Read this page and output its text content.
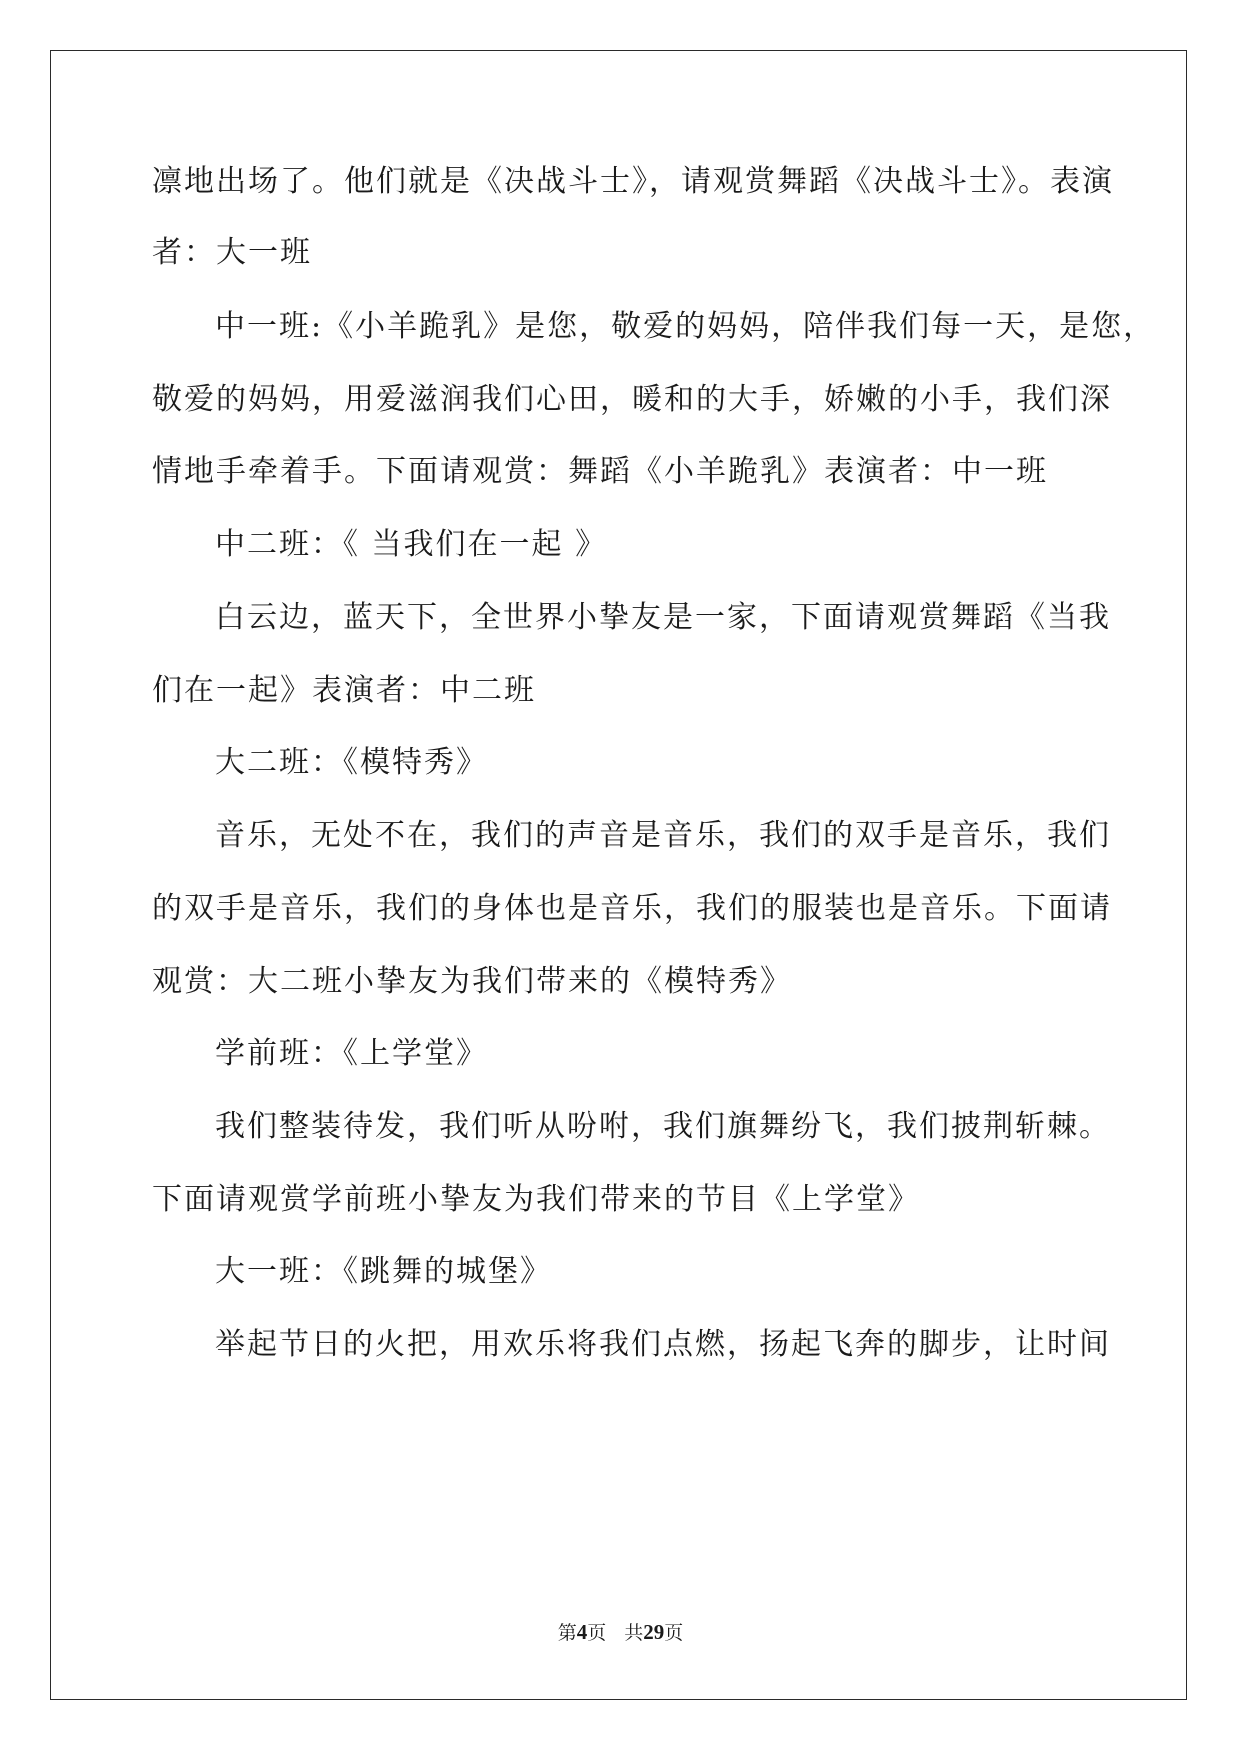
凛地出场了。他们就是《决战斗士》，请观赏舞蹈《决战斗士》。表演
者：大一班
中一班:《小羊跪乳》是您，敬爱的妈妈，陪伴我们每一天，是您，
敬爱的妈妈，用爱滋润我们心田，暖和的大手，娇嫩的小手，我们深
情地手牵着手。下面请观赏：舞蹈《小羊跪乳》表演者：中一班
中二班：《 当我们在一起 》
白云边，蓝天下，全世界小挚友是一家，下面请观赏舞蹈《当我
们在一起》表演者：中二班
大二班：《模特秀》
音乐，无处不在，我们的声音是音乐，我们的双手是音乐，我们
的双手是音乐，我们的身体也是音乐，我们的服装也是音乐。下面请
观赏：大二班小挚友为我们带来的《模特秀》
学前班：《上学堂》
我们整装待发，我们听从吩咐，我们旗舞纷飞，我们披荆斩棘。
下面请观赏学前班小挚友为我们带来的节目《上学堂》
大一班：《跳舞的城堡》
举起节日的火把，用欢乐将我们点燃，扬起飞奔的脚步，让时间
第4页 共29页
